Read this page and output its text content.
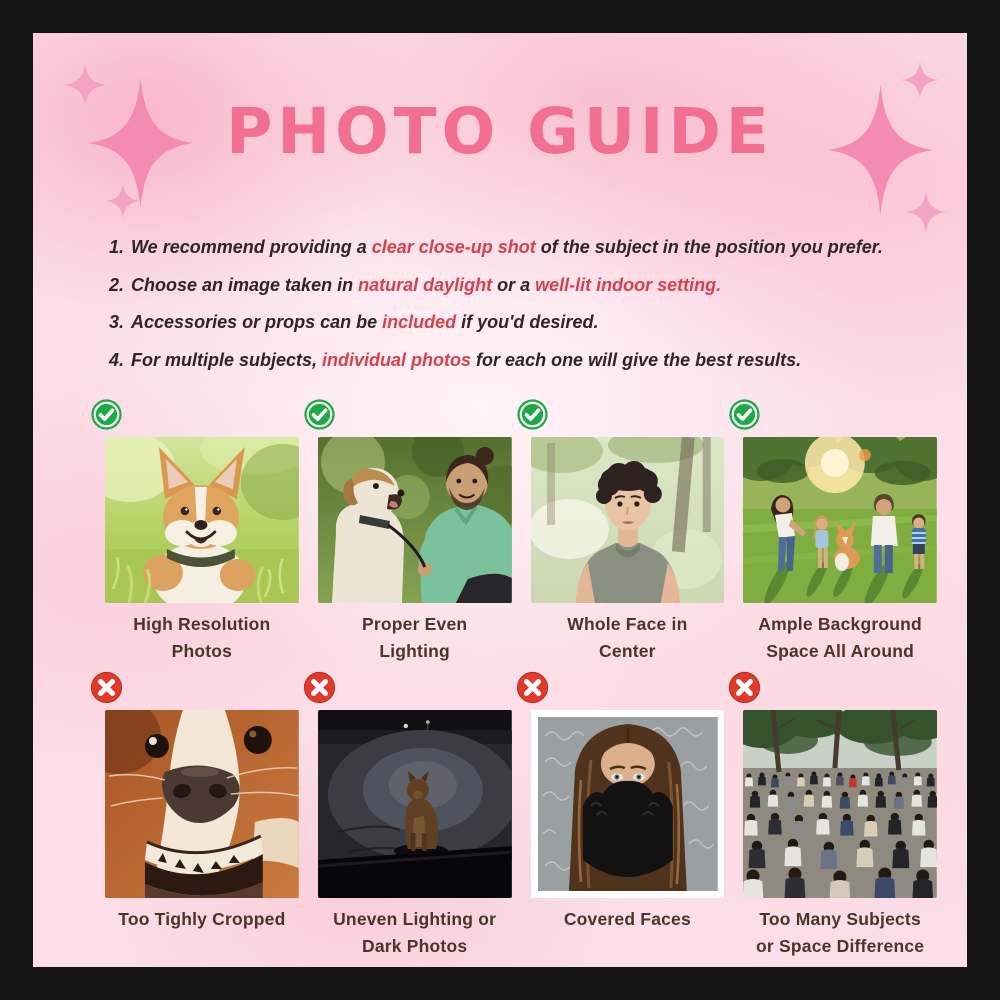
PHOTO GUIDE
1. We recommend providing a clear close-up shot of the subject in the position you prefer.
2. Choose an image taken in natural daylight or a well-lit indoor setting.
3. Accessories or props can be included if you'd desired.
4. For multiple subjects, individual photos for each one will give the best results.
High Resolution
Photos
Proper Even
Lighting
Whole Face in
Center
Ample Background
Space All Around
Too Tighly Cropped	Uneven Lighting or
Dark Photos
Covered Faces	Too Many Subjects
or Space Difference
